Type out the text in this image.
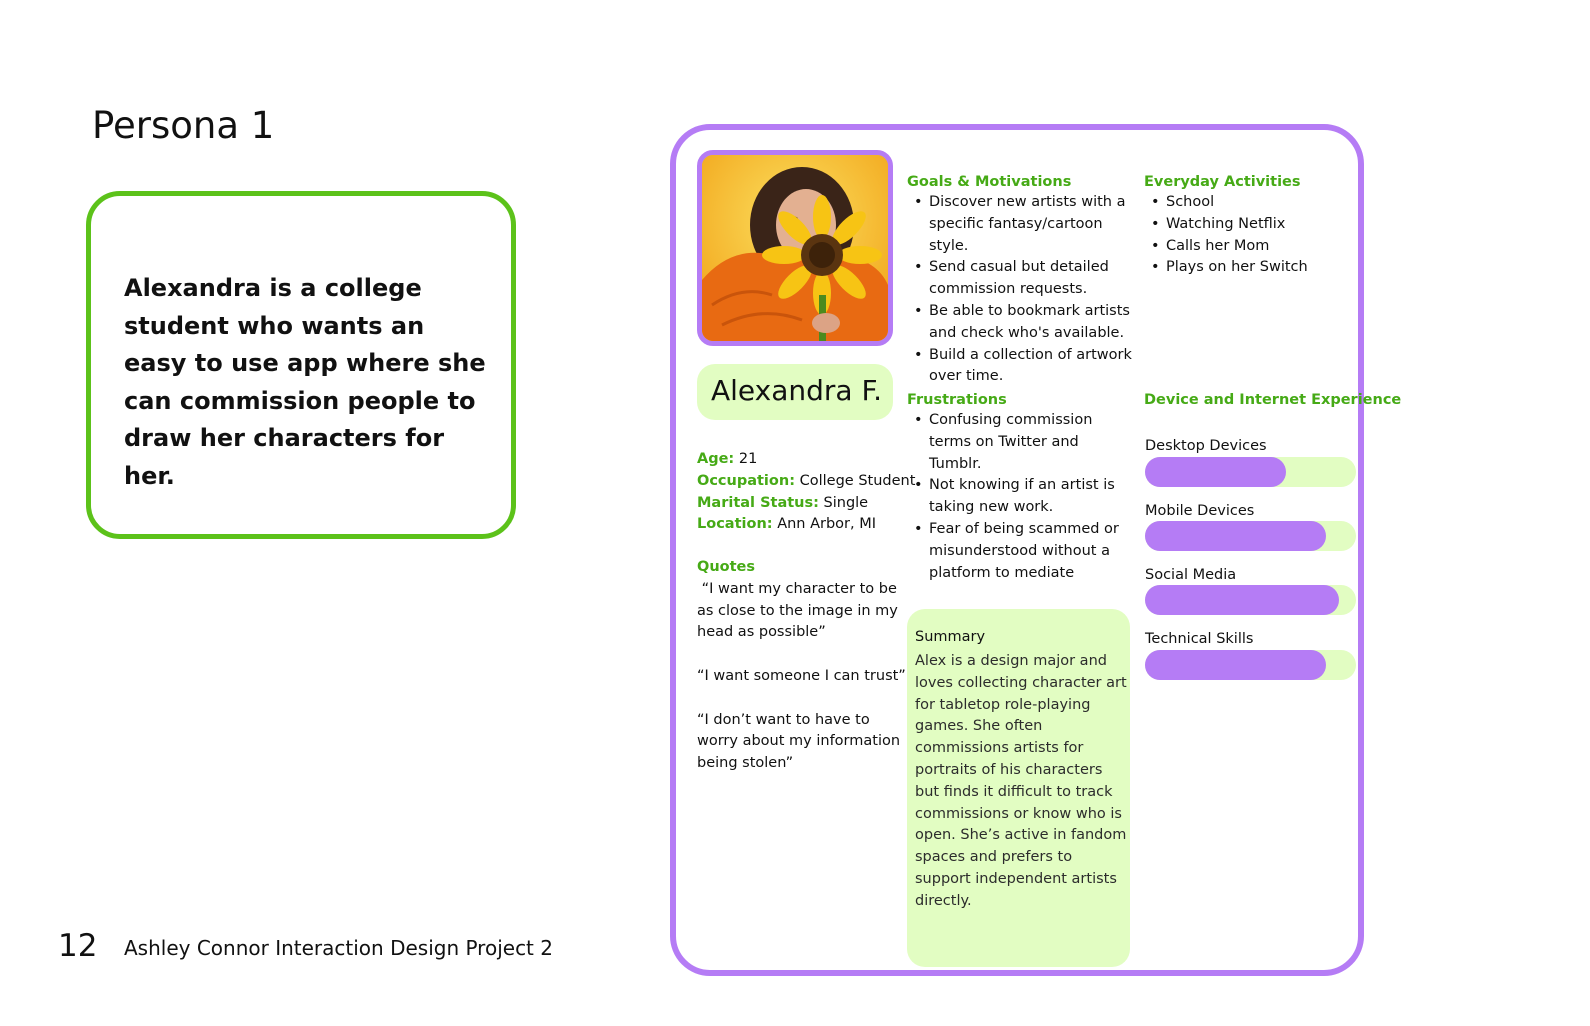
Persona 1
Alexandra is a college student who wants an easy to use app where she can commission people to draw her characters for her.
12 Ashley Connor Interaction Design Project 2
Alexandra F.
Age: 21
Occupation: College Student
Marital Status: Single
Location: Ann Arbor, MI
Quotes
“I want my character to be as close to the image in my head as possible”
“I want someone I can trust”
“I don’t want to have to worry about my information being stolen”
Goals & Motivations
• Discover new artists with a specific fantasy/cartoon style.
• Send casual but detailed commission requests.
• Be able to bookmark artists and check who's available.
• Build a collection of artwork over time.
Frustrations
• Confusing commission terms on Twitter and Tumblr.
• Not knowing if an artist is taking new work.
• Fear of being scammed or misunderstood without a platform to mediate
Everyday Activities
• School
• Watching Netflix
• Calls her Mom
• Plays on her Switch
Summary
Alex is a design major and loves collecting character art for tabletop role-playing games. She often commissions artists for portraits of his characters but finds it difficult to track commissions or know who is open. She’s active in fandom spaces and prefers to support independent artists directly.
Device and Internet Experience
Desktop Devices
Mobile Devices
Social Media
Technical Skills
